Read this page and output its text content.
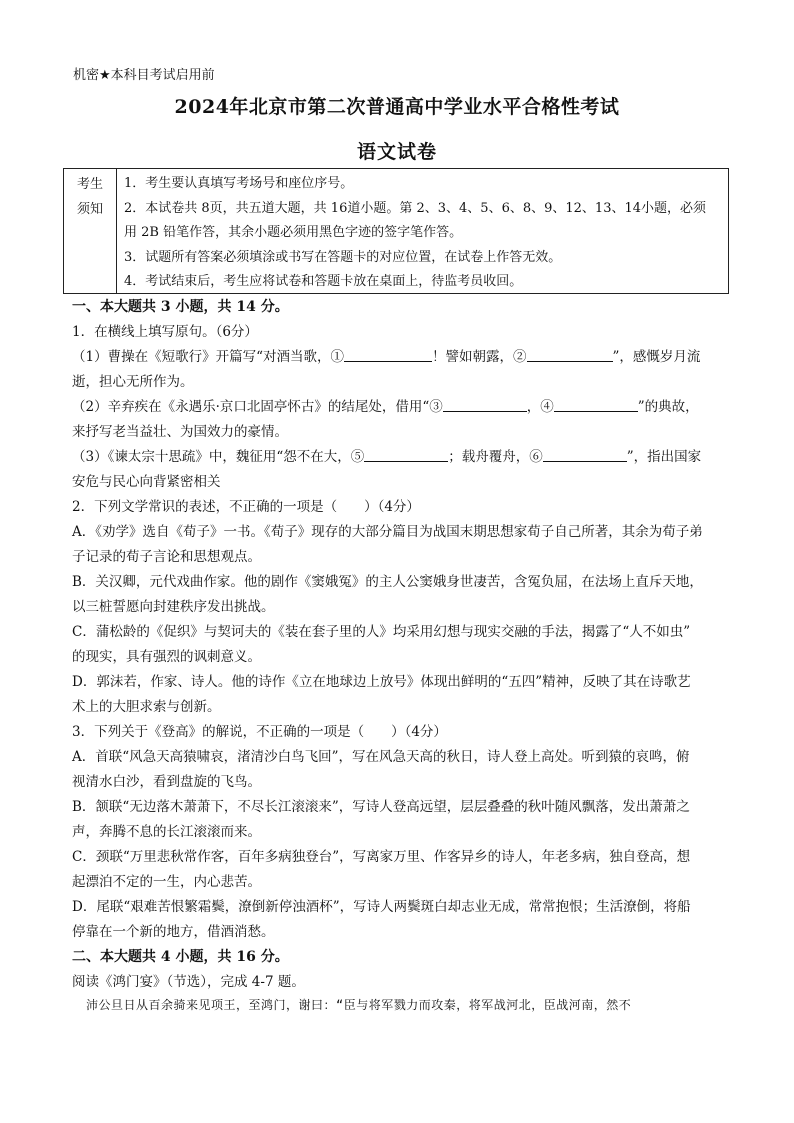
机密★本科目考试启用前
2024年北京市第二次普通高中学业水平合格性考试
语文试卷
考生
须知
1．考生要认真填写考场号和座位序号。
2．本试卷共 8页，共五道大题，共 16道小题。第 2、3、4、5、6、8、9、12、13、14小题，必须
用 2B 铅笔作答，其余小题必须用黑色字迹的签字笔作答。
3．试题所有答案必须填涂或书写在答题卡的对应位置，在试卷上作答无效。
4．考试结束后，考生应将试卷和答题卡放在桌面上，待监考员收回。
一、本大题共 3 小题，共 14 分。
1．在横线上填写原句。（6分）
（1）曹操在《短歌行》开篇写“对酒当歌，①	！譬如朝露，②	”，感慨岁月流
逝，担心无所作为。
（2）辛弃疾在《永遇乐·京口北固亭怀古》的结尾处，借用“③	，④	”的典故，
来抒写老当益壮、为国效力的豪情。
（3）《谏太宗十思疏》中，魏征用“怨不在大，⑤	；载舟覆舟，⑥	”，指出国家
安危与民心向背紧密相关
2．下列文学常识的表述，不正确的一项是（　　）（4分）
A．《劝学》选自《荀子》一书。《荀子》现存的大部分篇目为战国末期思想家荀子自己所著，其余为荀子弟
子记录的荀子言论和思想观点。
B．关汉卿，元代戏曲作家。他的剧作《窦娥冤》的主人公窦娥身世凄苦，含冤负屈，在法场上直斥天地，
以三桩誓愿向封建秩序发出挑战。
C．蒲松龄的《促织》与契诃夫的《装在套子里的人》均采用幻想与现实交融的手法，揭露了“人不如虫”
的现实，具有强烈的讽刺意义。
D．郭沫若，作家、诗人。他的诗作《立在地球边上放号》体现出鲜明的“五四”精神，反映了其在诗歌艺
术上的大胆求索与创新。
3．下列关于《登高》的解说，不正确的一项是（　　）（4分）
A．首联“风急天高猿啸哀，渚清沙白鸟飞回”，写在风急天高的秋日，诗人登上高处。听到猿的哀鸣，俯
视清水白沙，看到盘旋的飞鸟。
B．颔联“无边落木萧萧下，不尽长江滚滚来”，写诗人登高远望，层层叠叠的秋叶随风飘落，发出萧萧之
声，奔腾不息的长江滚滚而来。
C．颈联“万里悲秋常作客，百年多病独登台”，写离家万里、作客异乡的诗人，年老多病，独自登高，想
起漂泊不定的一生，内心悲苦。
D．尾联“艰难苦恨繁霜鬓，潦倒新停浊酒杯”，写诗人两鬓斑白却志业无成，常常抱恨；生活潦倒，将船
停靠在一个新的地方，借酒消愁。
二、本大题共 4 小题，共 16 分。
阅读《鸿门宴》（节选），完成 4-7 题。
沛公旦日从百余骑来见项王，至鸿门，谢曰：“臣与将军戮力而攻秦，将军战河北，臣战河南，然不
